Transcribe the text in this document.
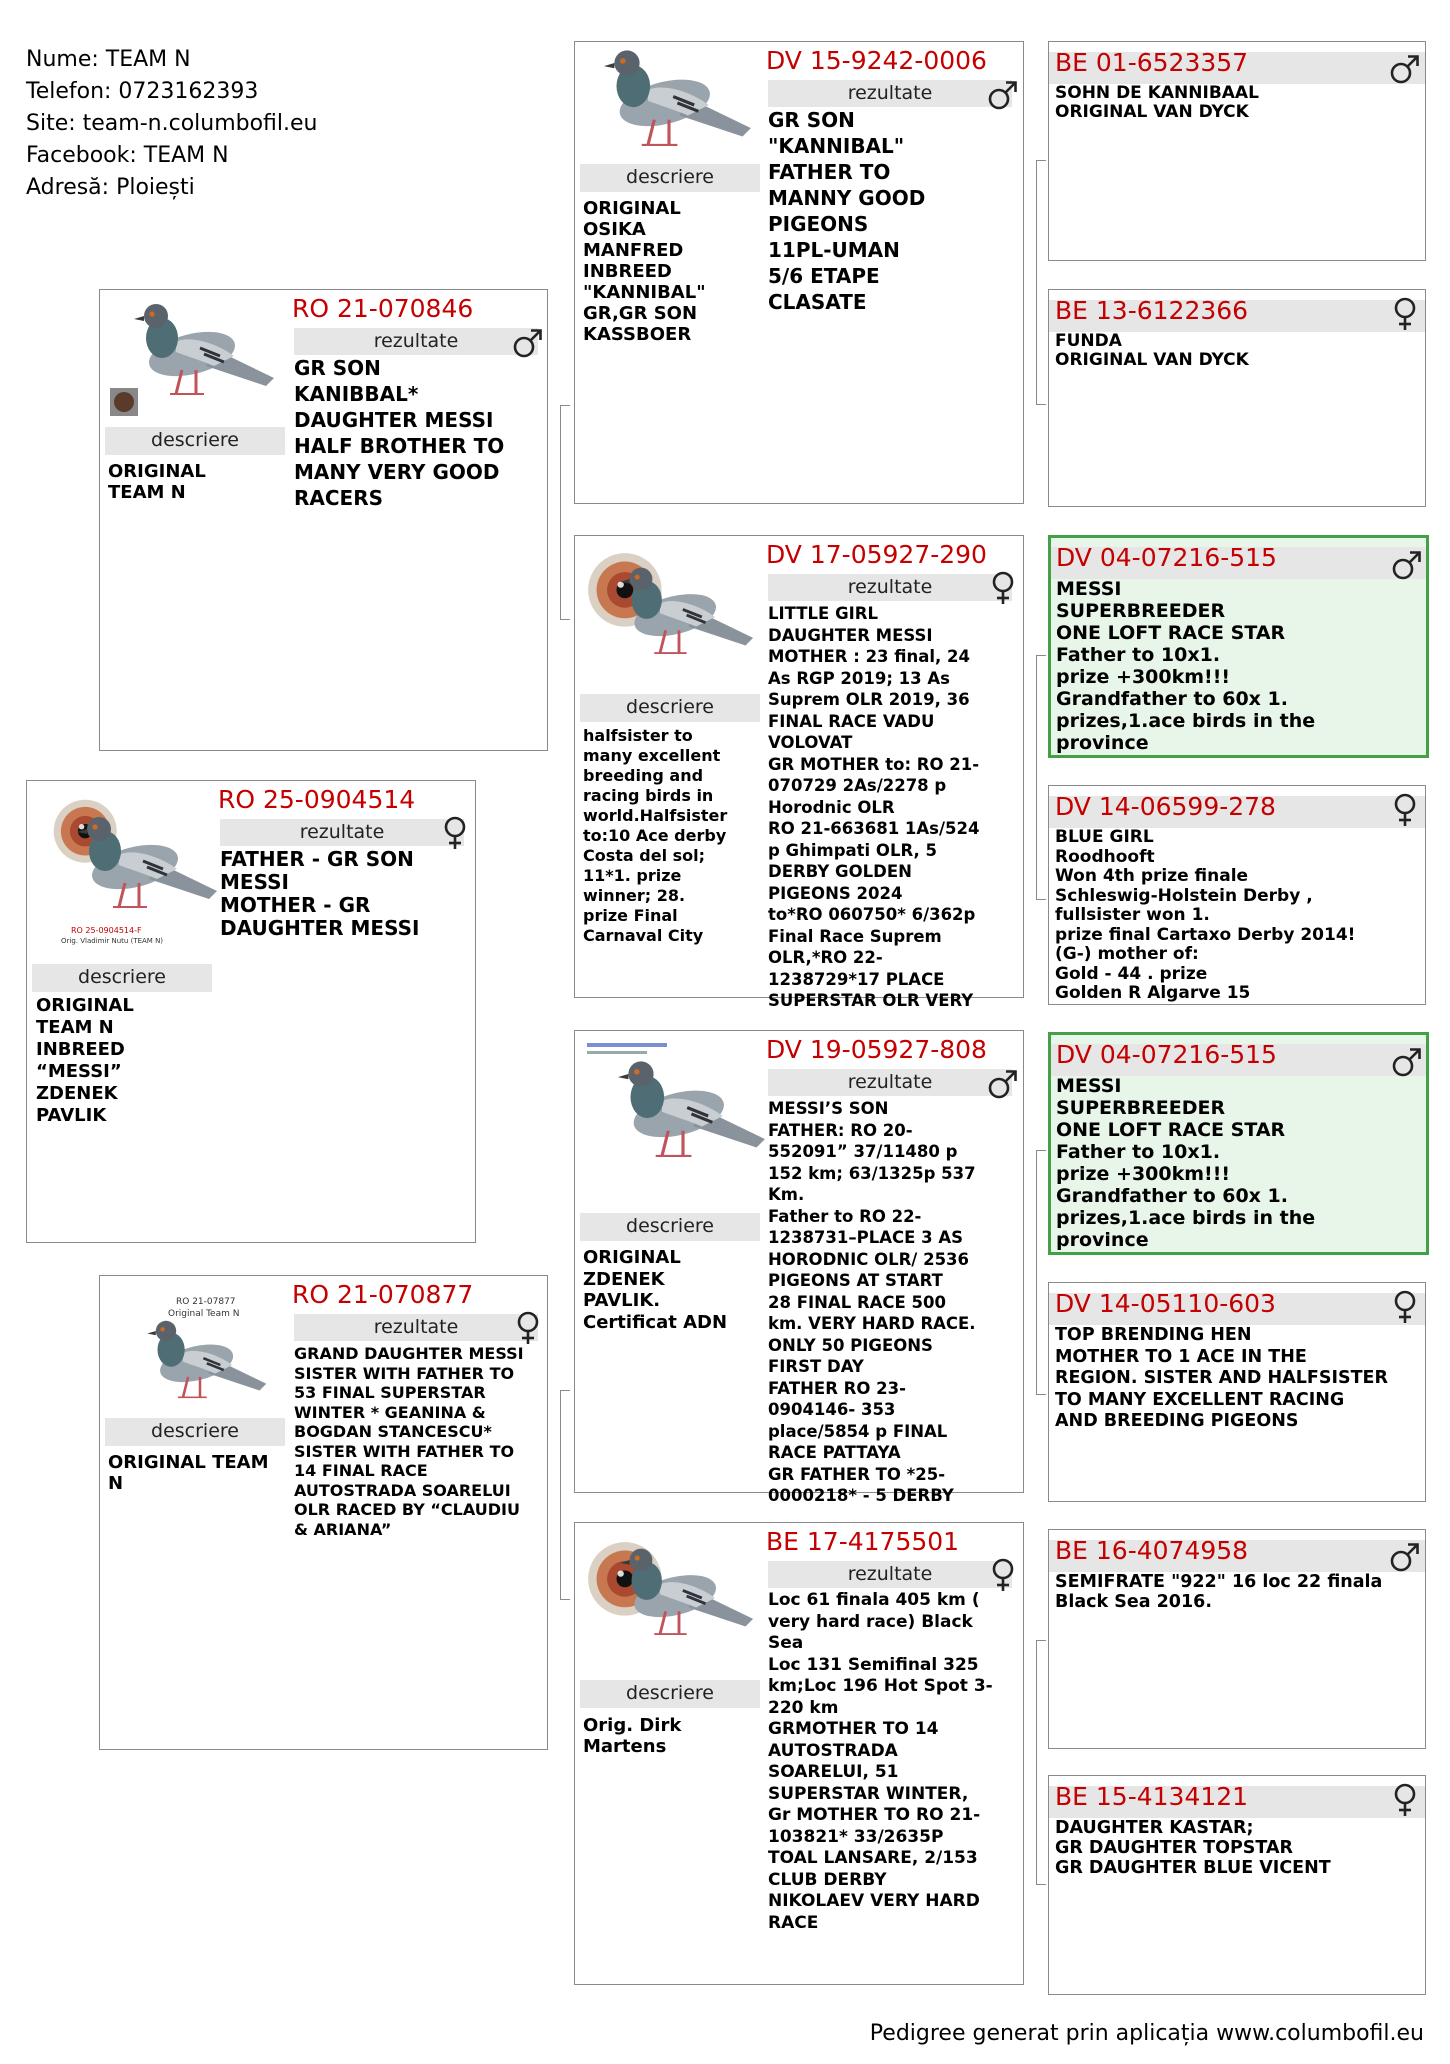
Nume: TEAM N
Telefon: 0723162393
Site: team-n.columbofil.eu
Facebook: TEAM N
Adresă: Ploiești
RO 25-0904514-F
Orig. Vladimir Nutu (TEAM N)
RO 25-0904514
rezultate
FATHER - GR SON
MESSI
MOTHER - GR
DAUGHTER MESSI
descriere
ORIGINAL
TEAM N
INBREED
“MESSI”
ZDENEK
PAVLIK
RO 21-070846
rezultate
GR SON
KANIBBAL*
DAUGHTER MESSI
HALF BROTHER TO
MANY VERY GOOD
RACERS
descriere
ORIGINAL
TEAM N
RO 21-07877
Original Team N
RO 21-070877
rezultate
GRAND DAUGHTER MESSI
SISTER WITH FATHER TO
53 FINAL SUPERSTAR
WINTER * GEANINA &
BOGDAN STANCESCU*
SISTER WITH FATHER TO
14 FINAL RACE
AUTOSTRADA SOARELUI
OLR RACED BY “CLAUDIU
& ARIANA”
descriere
ORIGINAL TEAM
N
DV 15-9242-0006
rezultate
GR SON
"KANNIBAL"
FATHER TO
MANNY GOOD
PIGEONS
11PL-UMAN
5/6 ETAPE
CLASATE
descriere
ORIGINAL
OSIKA
MANFRED
INBREED
"KANNIBAL"
GR,GR SON
KASSBOER
DV 17-05927-290
rezultate
LITTLE GIRL
DAUGHTER MESSI
MOTHER : 23 final, 24
As RGP 2019; 13 As
Suprem OLR 2019, 36
FINAL RACE VADU
VOLOVAT
GR MOTHER to: RO 21-
070729 2As/2278 p
Horodnic OLR
RO 21-663681 1As/524
p Ghimpati OLR, 5
DERBY GOLDEN
PIGEONS 2024
to*RO 060750* 6/362p
Final Race Suprem
OLR,*RO 22-
1238729*17 PLACE
SUPERSTAR OLR VERY
descriere
halfsister to
many excellent
breeding and
racing birds in
world.Halfsister
to:10 Ace derby
Costa del sol;
11*1. prize
winner; 28.
prize Final
Carnaval City
DV 19-05927-808
rezultate
MESSI’S SON
FATHER: RO 20-
552091” 37/11480 p
152 km; 63/1325p 537
Km.
Father to RO 22-
1238731–PLACE 3 AS
HORODNIC OLR/ 2536
PIGEONS AT START
28 FINAL RACE 500
km. VERY HARD RACE.
ONLY 50 PIGEONS
FIRST DAY
FATHER RO 23-
0904146- 353
place/5854 p FINAL
RACE PATTAYA
GR FATHER TO *25-
0000218* - 5 DERBY
descriere
ORIGINAL
ZDENEK
PAVLIK.
Certificat ADN
BE 17-4175501
rezultate
Loc 61 finala 405 km (
very hard race) Black
Sea
Loc 131 Semifinal 325
km;Loc 196 Hot Spot 3-
220 km
GRMOTHER TO 14
AUTOSTRADA
SOARELUI, 51
SUPERSTAR WINTER,
Gr MOTHER TO RO 21-
103821* 33/2635P
TOAL LANSARE, 2/153
CLUB DERBY
NIKOLAEV VERY HARD
RACE
descriere
Orig. Dirk
Martens
BE 01-6523357
SOHN DE KANNIBAAL
ORIGINAL VAN DYCK
BE 13-6122366
FUNDA
ORIGINAL VAN DYCK
DV 04-07216-515
MESSI
SUPERBREEDER
ONE LOFT RACE STAR
Father to 10x1.
prize +300km!!!
Grandfather to 60x 1.
prizes,1.ace birds in the
province
DV 14-06599-278
BLUE GIRL
Roodhooft
Won 4th prize finale
Schleswig-Holstein Derby ,
fullsister won 1.
prize final Cartaxo Derby 2014!
(G-) mother of:
Gold - 44 . prize
Golden R Algarve 15
DV 04-07216-515
MESSI
SUPERBREEDER
ONE LOFT RACE STAR
Father to 10x1.
prize +300km!!!
Grandfather to 60x 1.
prizes,1.ace birds in the
province
DV 14-05110-603
TOP BRENDING HEN
MOTHER TO 1 ACE IN THE
REGION. SISTER AND HALFSISTER
TO MANY EXCELLENT RACING
AND BREEDING PIGEONS
BE 16-4074958
SEMIFRATE "922" 16 loc 22 finala
Black Sea 2016.
BE 15-4134121
DAUGHTER KASTAR;
GR DAUGHTER TOPSTAR
GR DAUGHTER BLUE VICENT
Pedigree generat prin aplicația www.columbofil.eu
